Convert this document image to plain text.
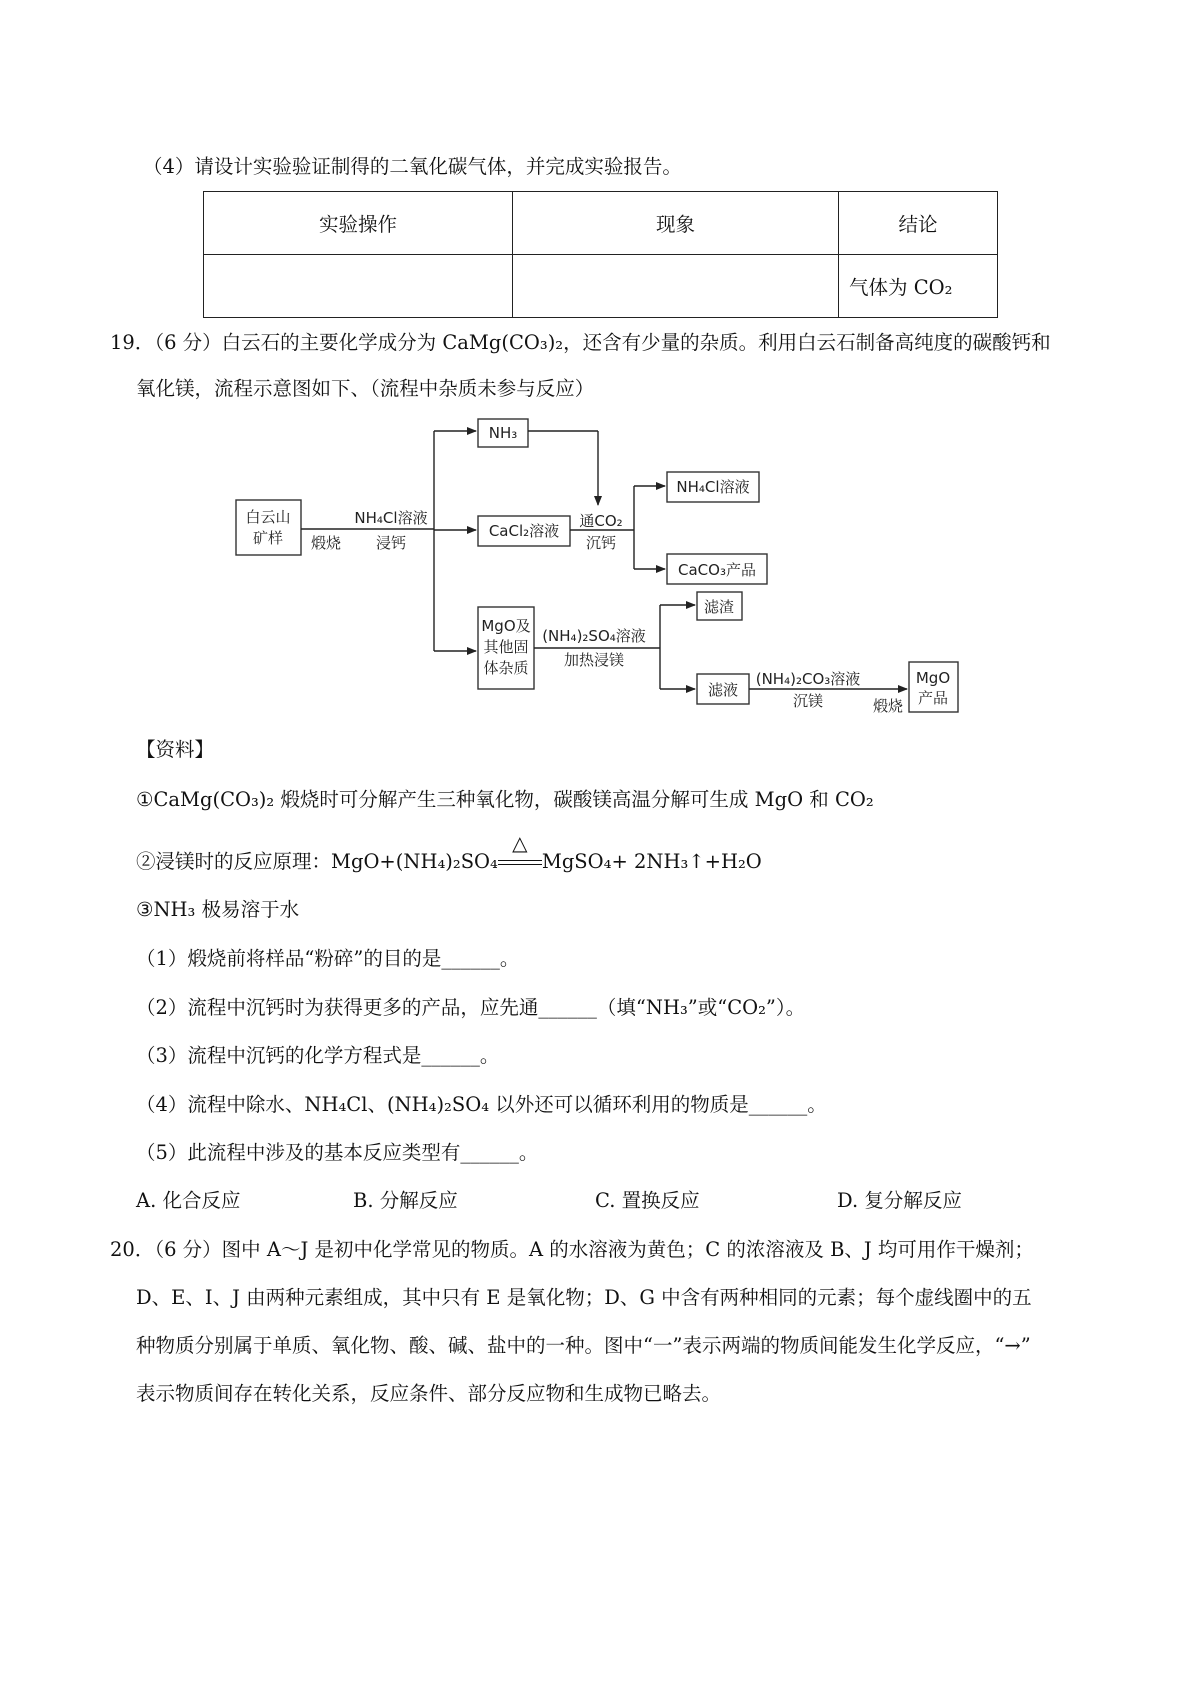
（4）请设计实验验证制得的二氧化碳气体，并完成实验报告。
实验操作	现象	结论
		气体为 CO₂
19．（6 分）白云石的主要化学成分为 CaMg(CO₃)₂，还含有少量的杂质。利用白云石制备高纯度的碳酸钙和
氧化镁，流程示意图如下、（流程中杂质未参与反应）
白云山
矿样 煅烧
NH₄Cl溶液
浸钙
NH₃
CaCl₂溶液
通CO₂
沉钙
NH₄Cl溶液
CaCO₃产品
MgO及
其他固
体杂质
(NH₄)₂SO₄溶液
加热浸镁
滤渣
滤液
(NH₄)₂CO₃溶液
沉镁	煅烧
MgO
产品
【资料】
①CaMg(CO₃)₂ 煅烧时可分解产生三种氧化物，碳酸镁高温分解可生成 MgO 和 CO₂
②浸镁时的反应原理：MgO+(NH₄)₂SO₄
△
MgSO₄+ 2NH₃↑+H₂O
③NH₃ 极易溶于水
（1）煅烧前将样品“粉碎”的目的是______。
（2）流程中沉钙时为获得更多的产品，应先通______（填“NH₃”或“CO₂”）。
（3）流程中沉钙的化学方程式是______。
（4）流程中除水、NH₄Cl、(NH₄)₂SO₄ 以外还可以循环利用的物质是______。
（5）此流程中涉及的基本反应类型有______。
A. 化合反应	B. 分解反应	C. 置换反应	D. 复分解反应
20．（6 分）图中 A～J 是初中化学常见的物质。A 的水溶液为黄色；C 的浓溶液及 B、J 均可用作干燥剂；
D、E、I、J 由两种元素组成，其中只有 E 是氧化物；D、G 中含有两种相同的元素；每个虚线圈中的五
种物质分别属于单质、氧化物、酸、碱、盐中的一种。图中“一”表示两端的物质间能发生化学反应，“→”
表示物质间存在转化关系，反应条件、部分反应物和生成物已略去。
